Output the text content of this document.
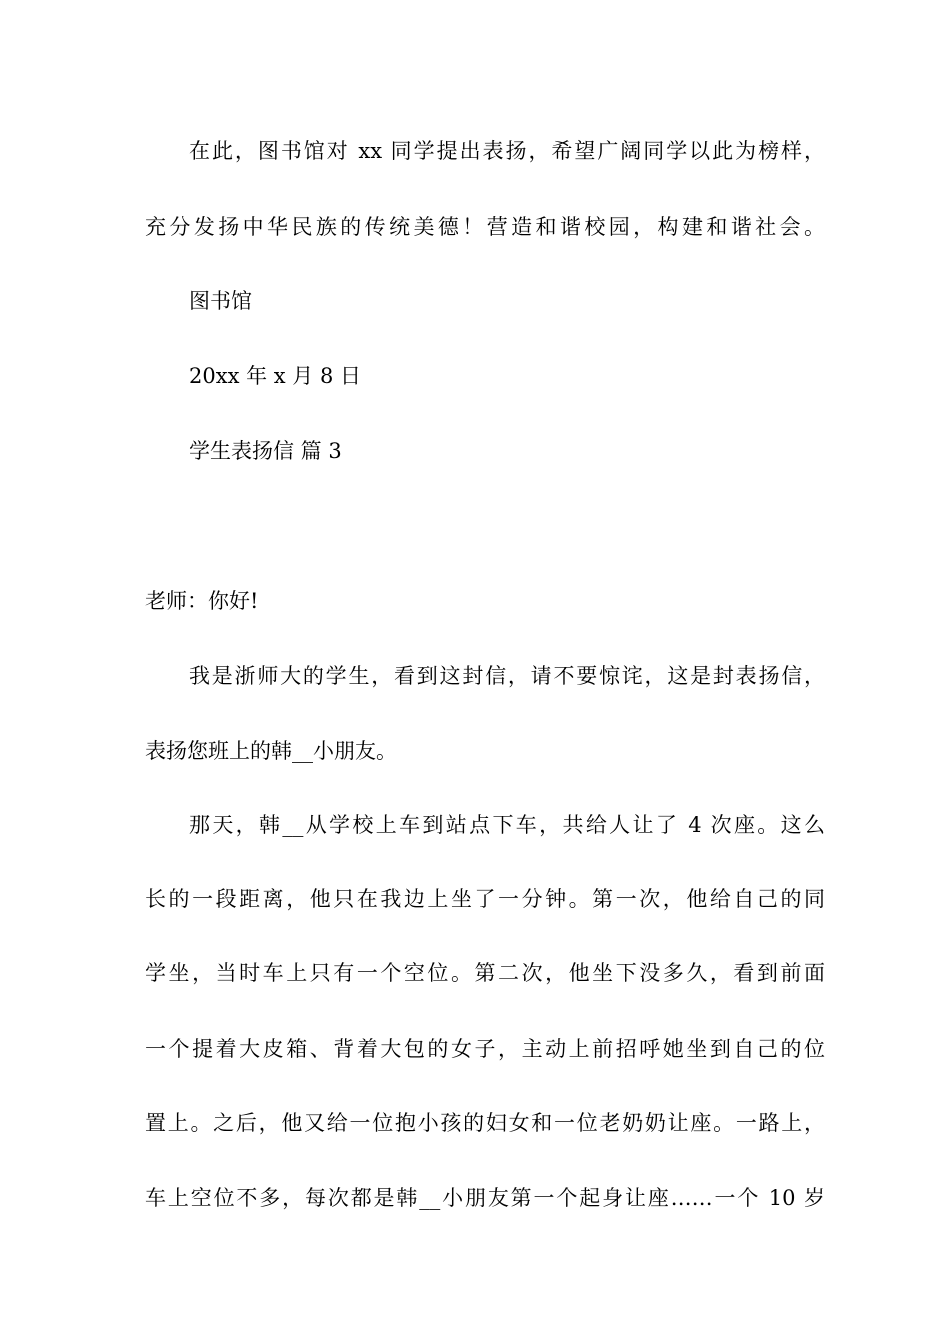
在此，图书馆对 xx 同学提出表扬，希望广阔同学以此为榜样，
充分发扬中华民族的传统美德！营造和谐校园，构建和谐社会。
图书馆
20xx 年 x 月 8 日
学生表扬信 篇 3
老师：你好!
我是浙师大的学生，看到这封信，请不要惊诧，这是封表扬信，
表扬您班上的韩__小朋友。
那天，韩__从学校上车到站点下车，共给人让了 4 次座。这么
长的一段距离，他只在我边上坐了一分钟。第一次，他给自己的同
学坐，当时车上只有一个空位。第二次，他坐下没多久，看到前面
一个提着大皮箱、背着大包的女子，主动上前招呼她坐到自己的位
置上。之后，他又给一位抱小孩的妇女和一位老奶奶让座。一路上，
车上空位不多，每次都是韩__小朋友第一个起身让座……一个 10 岁
